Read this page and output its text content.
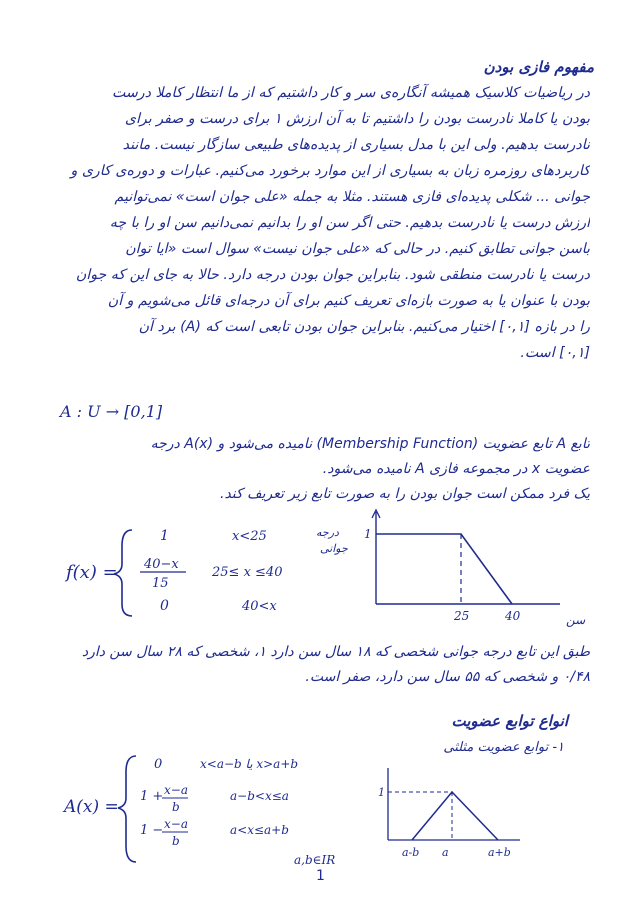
مفهوم فازی بودن
در ریاضیات کلاسیک همیشه آنگاره‌ی سر و کار داشتیم که از ما انتظار کاملا درست
بودن یا کاملا نادرست بودن را داشتیم تا به آن ارزش ۱ برای درست و صفر برای
نادرست بدهیم. ولی این با مدل بسیاری از پدیده‌های طبیعی سازگار نیست. مانند
کاربردهای روزمره زبان به بسیاری از این موارد برخورد می‌کنیم. عبارات و دوره‌ی کاری و
جوانی ... شکلی پدیده‌ای فازی هستند. مثلا به جمله «علی جوان است» نمی‌توانیم
ارزش درست یا نادرست بدهیم. حتی اگر سن او را بدانیم نمی‌دانیم سن او را با چه
باسن جوانی تطابق کنیم. در حالی که «علی جوان نیست» سوال است «ایا توان
درست یا نادرست منطقی شود. بنابراین جوان بودن درجه دارد. حالا به جای این که جوان
بودن با عنوان یا به صورت بازه‌ای تعریف کنیم برای آن درجه‌ای قائل می‌شویم و آن
را در بازه [۰,۱] اختیار می‌کنیم. بنابراین جوان بودن تابعی است که (A) برد آن
[۰,۱] است.
A : U → [0,1]
تابع A تابع عضویت (Membership Function) نامیده می‌شود و A(x) درجه
عضویت x در مجموعه فازی A نامیده می‌شود.
یک فرد ممکن است جوان بودن را به صورت تابع زیر تعریف کند.
f(x) =
1	x<25
40−x
15
25≤ x ≤40
0	40<x
25	40
1
درجه
جوانی
سن
طبق این تابع درجه جوانی شخصی که ۱۸ سال سن دارد ۱، شخصی که ۲۸ سال سن دارد
۰/۴۸ و شخصی که ۵۵ سال سن دارد، صفر است.
انواع توابع عضویت
۱- توابع عضویت مثلثی
A(x) =
0	x<a−b یا x>a+b
1 + x−a
b
a−b<x≤a
1 − x−a
b
a<x≤a+b
a,b∈IR
1
a-b a	a+b
1
